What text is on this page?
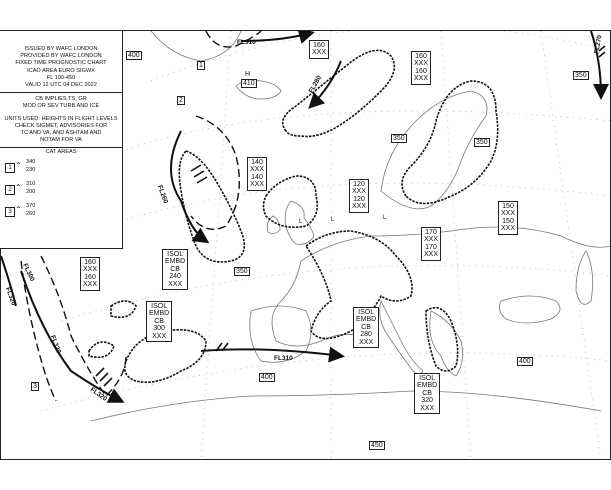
ISOL
EMBD
CB
240
XXX
ISOL
EMBD
CB
300
XXX
ISOL
EMBD
CB
280
XXX
ISOL
EMBD
CB
320
XXX
160
XXX
160
XXX
160
XXX
140
XXX
140
XXX	120
XXX
120
XXX
170
XXX
170
XXX
150
XXX
150
XXX
160
XXX
160
XXX
FL310
FL280
FL260
FL310
FL320
FL320
FL270
FL300
FL320
400
350
410
350
350
350
400
400
450
1
2
3
H
L
L
L
ISSUED BY WAFC LONDON
PROVIDED BY WAFC LONDON
FIXED TIME PROGNOSTIC CHART
ICAO AREA EURO SIGWX
FL 100-450
VALID 12 UTC 04 DEC 2022
CB IMPLIES TS, GR
MOD OR SEV TURB AND ICE
UNITS USED: HEIGHTS IN FLIGHT LEVELS
CHECK SIGMET, ADVISORIES FOR
TC AND VA, AND ASHTAM AND
NOTAM FOR VA
CAT AREAS
1 ⌃ 340
230
2 ⌃ 310
200
3 ⌃ 370
260
